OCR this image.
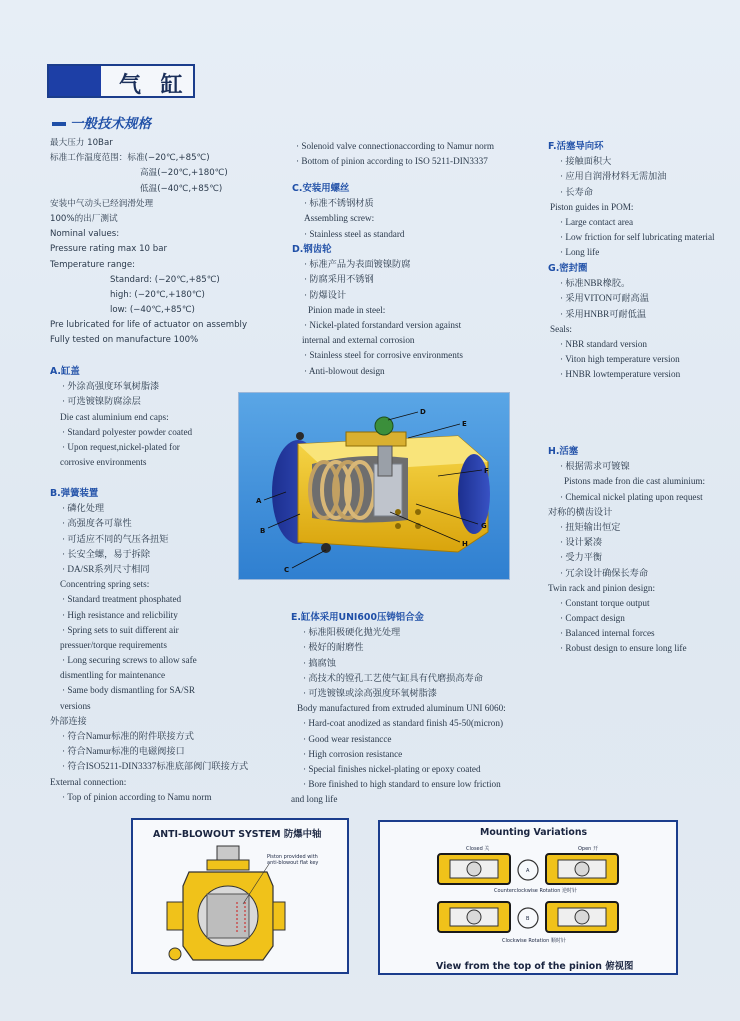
气 缸
一般技术规格
最大压力 10Bar
标准工作温度范围：标准(−20℃,+85℃)
高温(−20℃,+180℃)
低温(−40℃,+85℃)
安装中气动头已经润滑处理
100%的出厂测试
Nominal values:
Pressure rating max 10 bar
Temperature range:
Standard: (−20℃,+85℃)
high: (−20℃,+180℃)
low: (−40℃,+85℃)
Pre lubricated for life of actuator on assembly
Fully tested on manufacture 100%
A.缸盖
· 外涂高强度环氧树脂漆
· 可选镀镍防腐涂层
Die cast aluminium end caps:
· Standard polyester powder coated
· Upon request,nickel-plated for
corrosive environments
B.弹簧装置
· 磷化处理
· 高强度各可靠性
· 可适应不同的气压各扭矩
· 长安全螺，易于拆除
· DA/SR系列尺寸相同
Concentring spring sets:
· Standard treatment phosphated
· High resistance and relicbility
· Spring sets to suit different air
pressuer/torque requirements
· Long securing screws to allow safe
dismentling for maintenance
· Same body dismantling for SA/SR
versions
外部连接
· 符合Namur标准的附件联接方式
· 符合Namur标准的电磁阀接口
· 符合ISO5211-DIN3337标准底部阀门联接方式
External connection:
· Top of pinion according to Namu norm
· Solenoid valve connectionaccording to Namur norm
· Bottom of pinion according to ISO 5211-DIN3337
C.安装用螺丝
· 标准不锈钢材质
Assembling screw:
· Stainless steel as standard
D.钢齿轮
· 标准产品为表面镀镍防腐
· 防腐采用不锈钢
· 防爆设计
Pinion made in steel:
· Nickel-plated forstandard version against
internal and external corrosion
· Stainless steel for corrosive environments
· Anti-blowout design
A
B
C
D
E
F
G
H
E.缸体采用UNI600压铸铝合金
· 标准阳极硬化抛光处理
· 极好的耐磨性
· 搞腐蚀
· 高技术的镗孔工艺使气缸具有代磨损高寿命
· 可选镀镍或涂高强度环氧树脂漆
Body manufactured from extruded aluminum UNI 6060:
· Hard-coat anodized as standard finish 45-50(micron)
· Good wear resistancce
· High corrosion resistance
· Special finishes nickel-plating or epoxy coated
· Bore finished to high standard to ensure low friction
and long life
F.活塞导向环
· 接触面积大
· 应用自润滑材料无需加油
· 长寿命
Piston guides in POM:
· Large contact area
· Low friction for self lubricating material
· Long life
G.密封圈
· 标准NBR橡胶。
· 采用VITON可耐高温
· 采用HNBR可耐低温
Seals:
· NBR standard version
· Viton high temperature version
· HNBR lowtemperature version
H.活塞
· 根据需求可镀镍
Pistons made fron die cast aluminium:
· Chemical nickel plating upon request
对称的横齿设计
· 扭矩输出恒定
· 设计紧凑
· 受力平衡
· 冗余设计确保长寿命
Twin rack and pinion design:
· Constant torque output
· Compact design
· Balanced internal forces
· Robust design to ensure long life
ANTI-BLOWOUT SYSTEM 防爆中轴
Piston provided with
anti-blowout flat key
Mounting Variations
Closed 关	Open 开
A
Counterclockwise Rotation 逆时针
B
Clockwise Rotation 顺时针
View from the top of the pinion 俯视图
